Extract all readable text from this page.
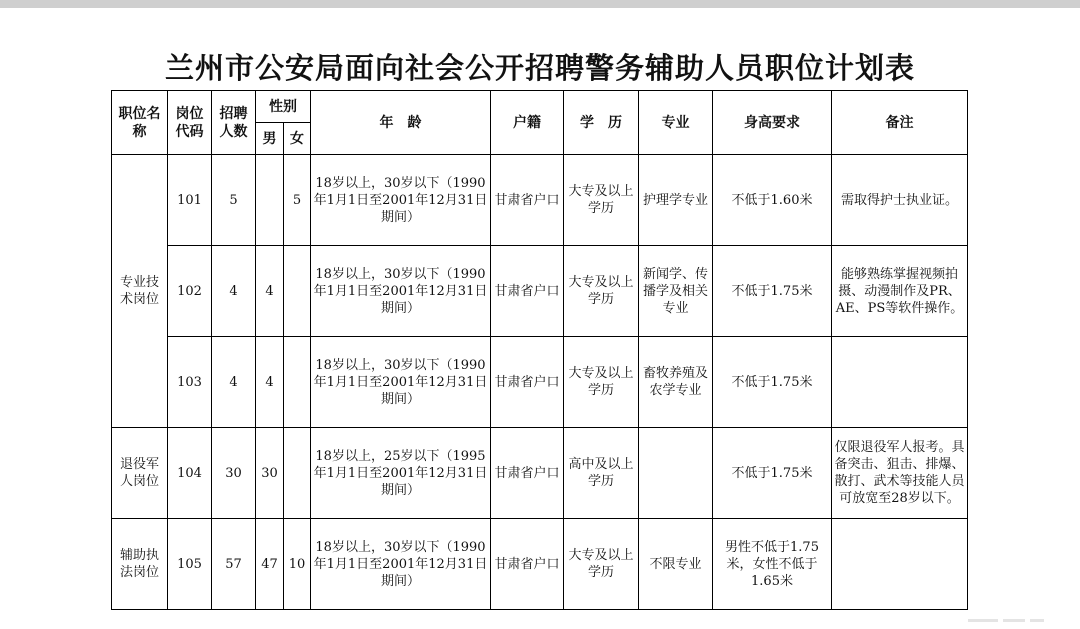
兰州市公安局面向社会公开招聘警务辅助人员职位计划表
职位名称	岗位代码	招聘人数	性别		年　龄	户籍	学　历	专业	身高要求	备注
			男	女						
专业技术岗位	101	5		5	18岁以上，30岁以下（1990年1月1日至2001年12月31日期间）	甘肃省户口	大专及以上学历	护理学专业	不低于1.60米	需取得护士执业证。
	102	4	4		18岁以上，30岁以下（1990年1月1日至2001年12月31日期间）	甘肃省户口	大专及以上学历	新闻学、传播学及相关专业	不低于1.75米	能够熟练掌握视频拍摄、动漫制作及PR、AE、PS等软件操作。
	103	4	4		18岁以上，30岁以下（1990年1月1日至2001年12月31日期间）	甘肃省户口	大专及以上学历	畜牧养殖及农学专业	不低于1.75米	
退役军人岗位	104	30	30		18岁以上，25岁以下（1995年1月1日至2001年12月31日期间）	甘肃省户口	高中及以上学历		不低于1.75米	仅限退役军人报考。具备突击、狙击、排爆、散打、武术等技能人员可放宽至28岁以下。
辅助执法岗位	105	57	47	10	18岁以上，30岁以下（1990年1月1日至2001年12月31日期间）	甘肃省户口	大专及以上学历	不限专业	男性不低于1.75米，女性不低于1.65米	
